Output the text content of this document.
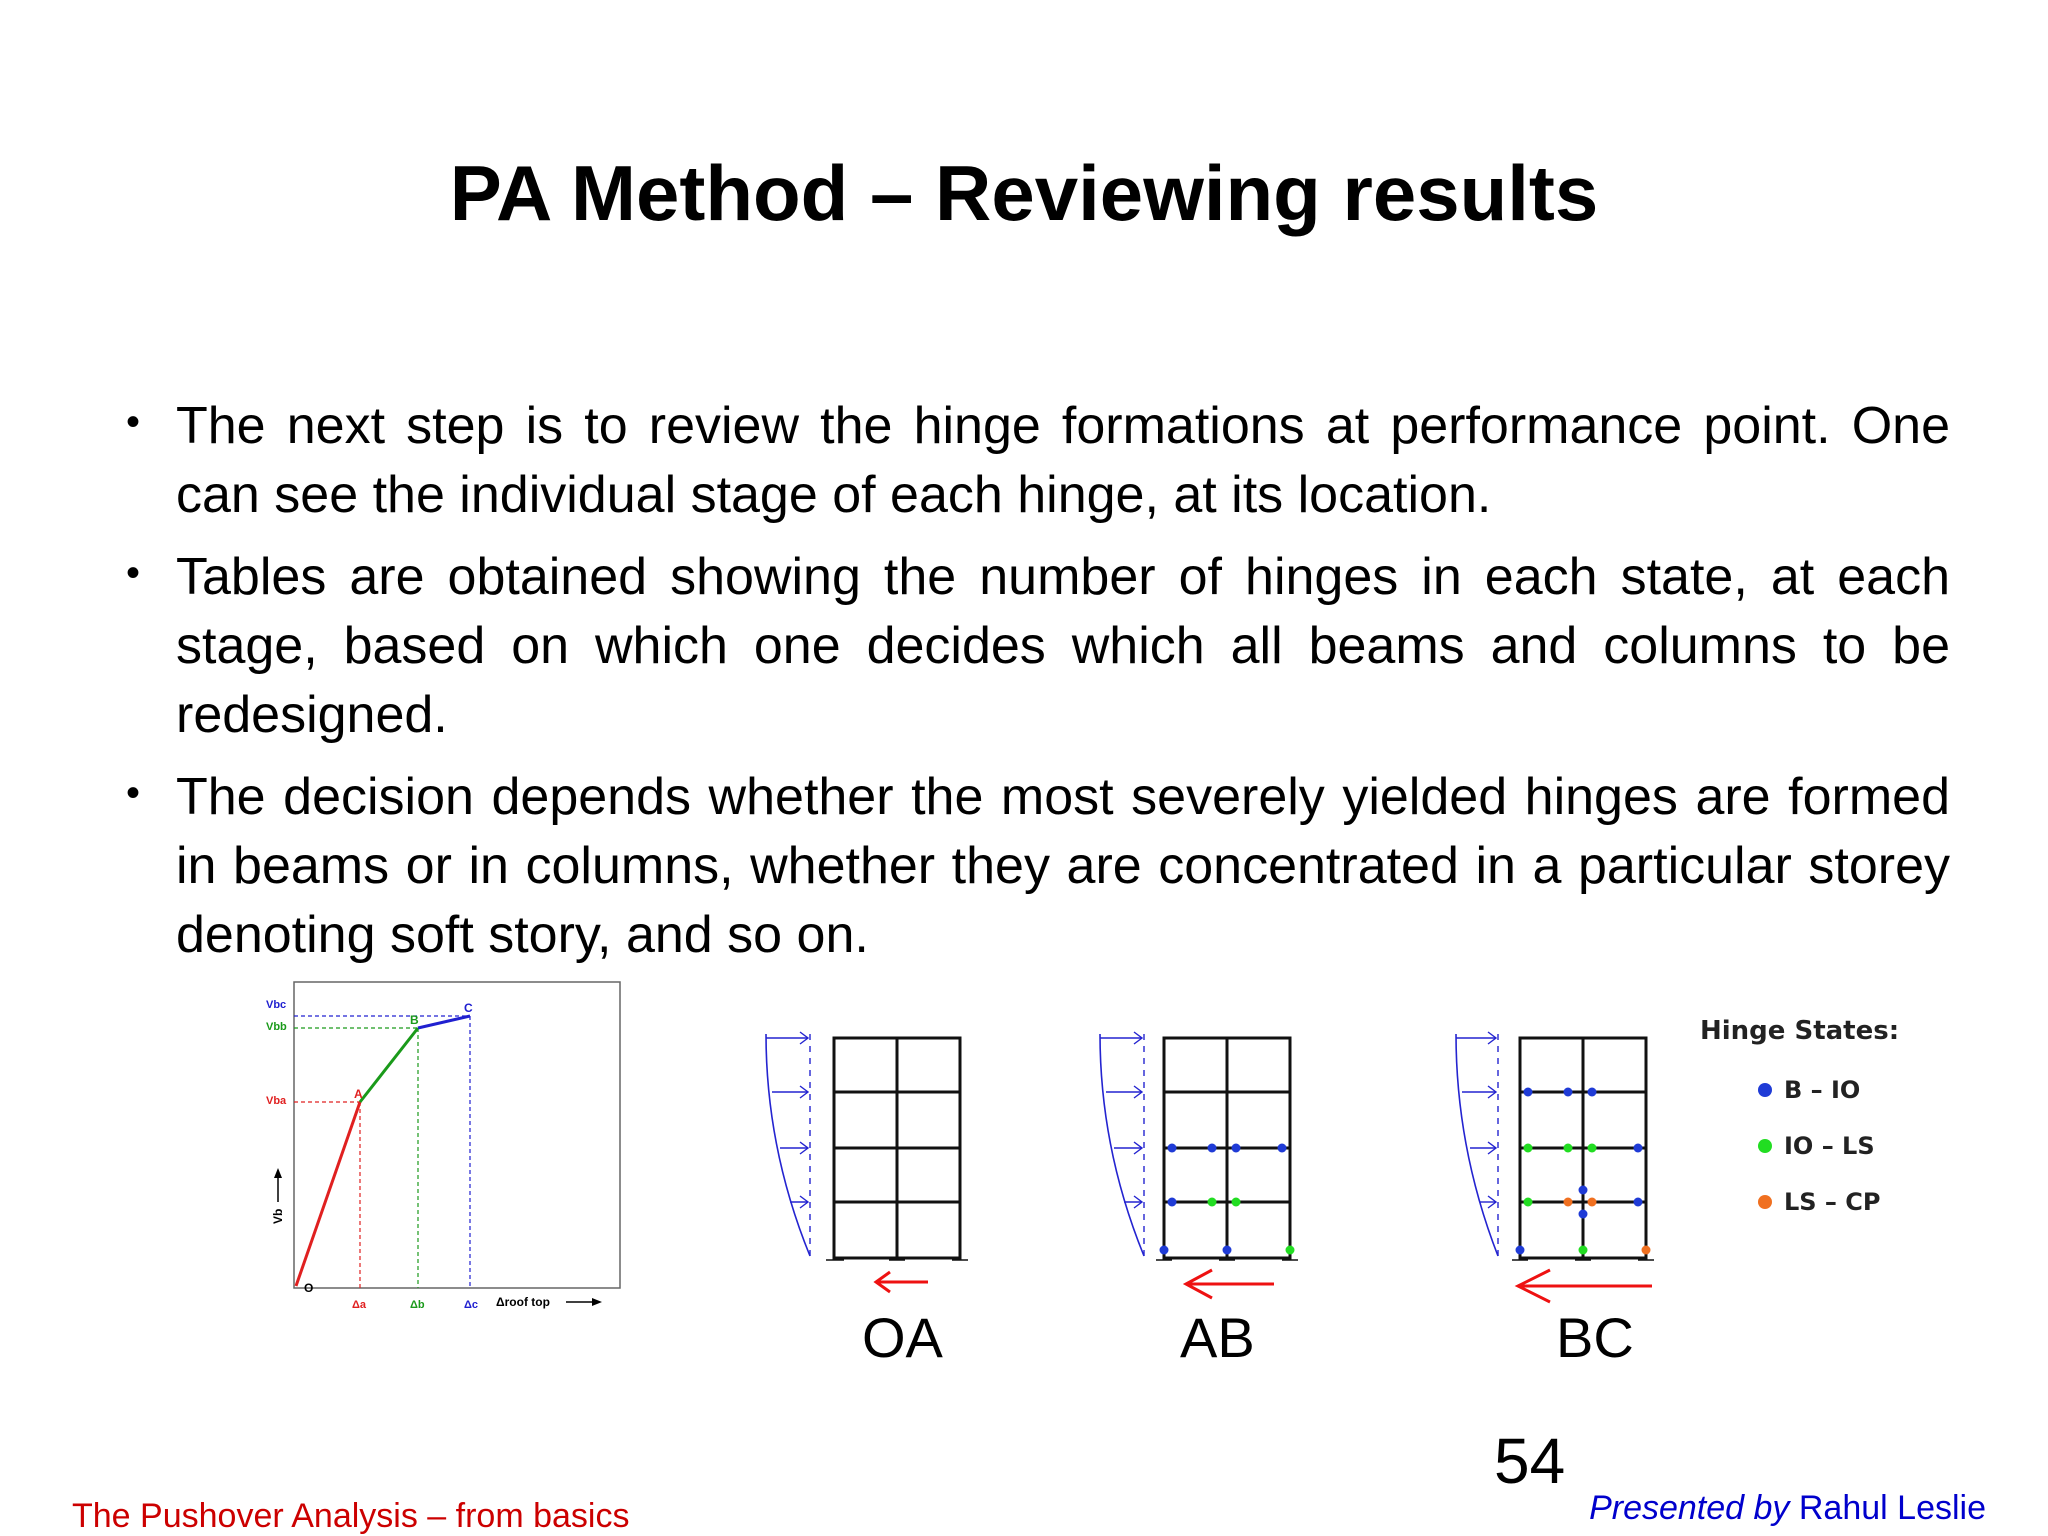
PA Method – Reviewing results
• The next step is to review the hinge formations at performance point. One can see the individual stage of each hinge, at its location.
• Tables are obtained showing the number of hinges in each state, at each stage, based on which one decides which all beams and columns to be redesigned.
• The decision depends whether the most severely yielded hinges are formed in beams or in columns, whether they are concentrated in a particular storey denoting soft story, and so on.
O
A
B
C
Vbc
Vbb
Vba
Vb
Δa	Δb	Δc Δroof top
Hinge States:
B – IO
IO – LS
LS – CP
OA	AB	BC
54
The Pushover Analysis – from basics	Presented by Rahul Leslie
